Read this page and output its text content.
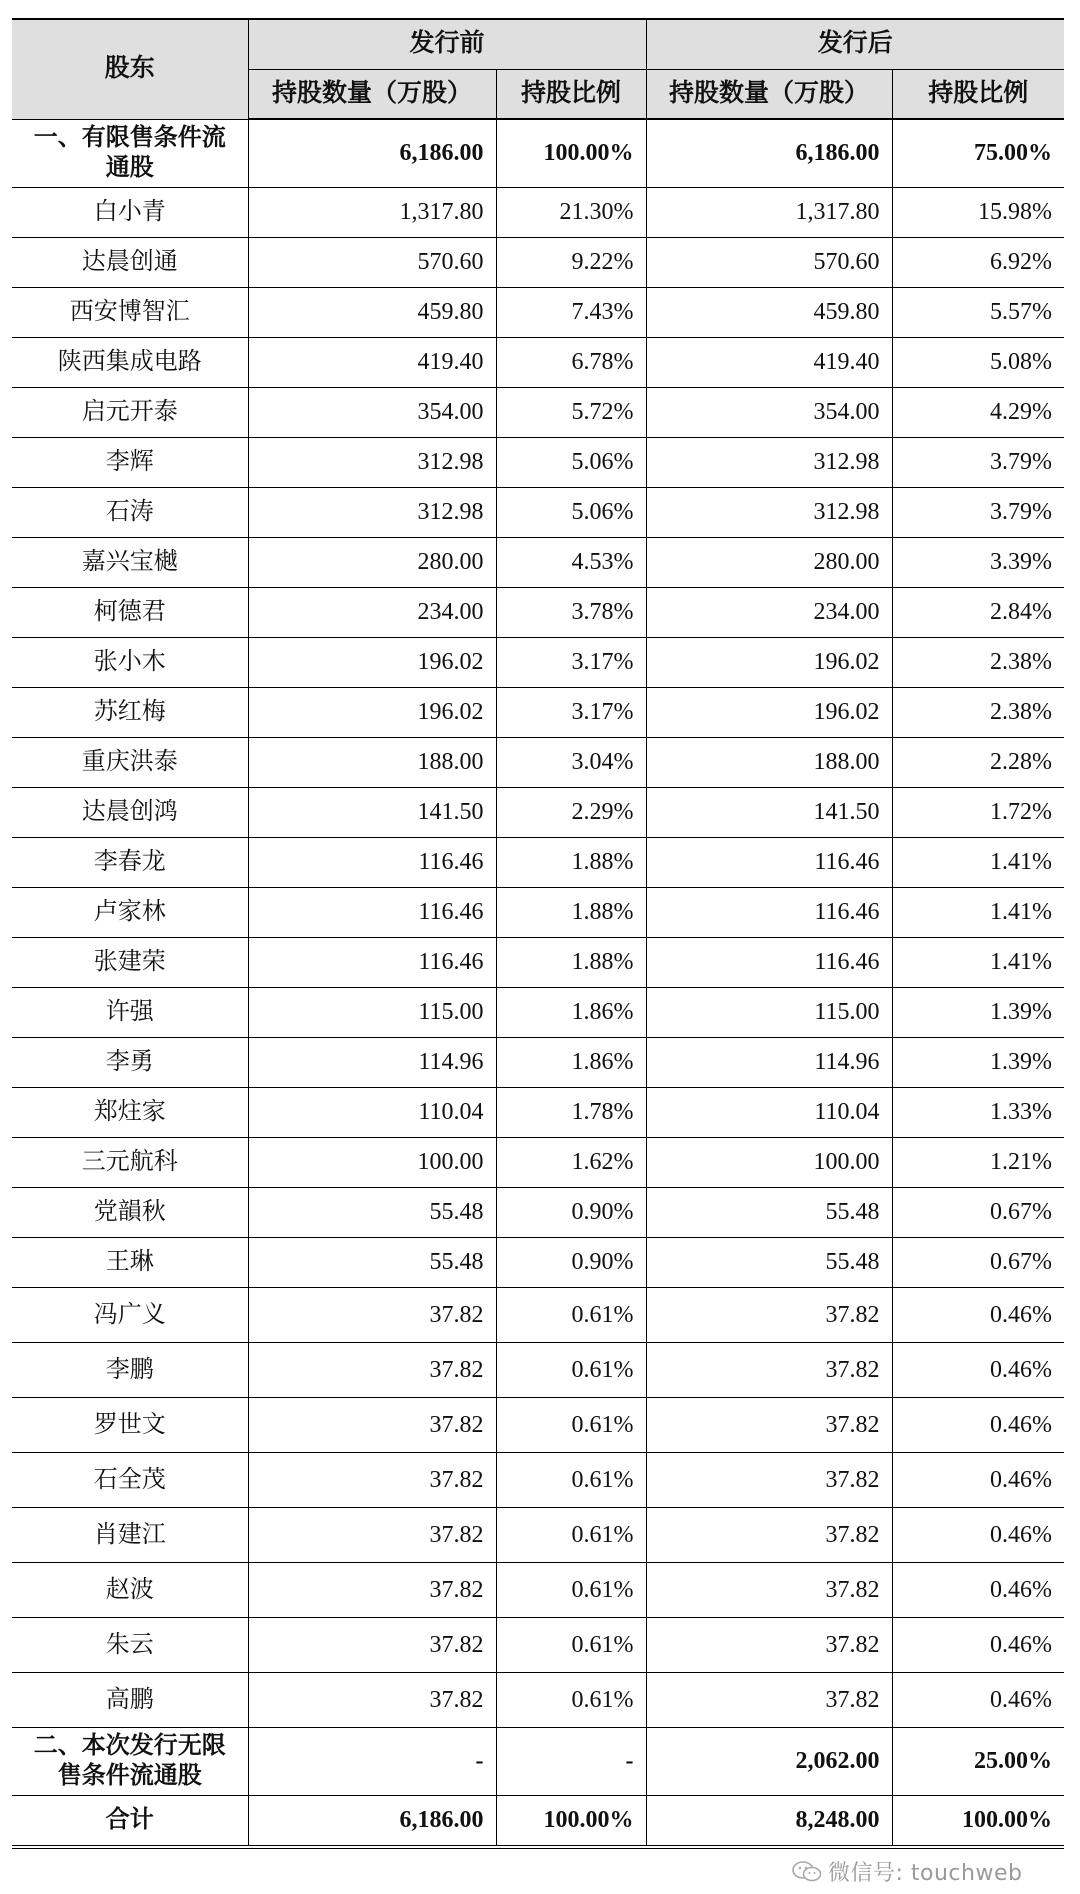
股东	发行前		发行后	
	持股数量（万股）	持股比例	持股数量（万股）	持股比例
一、有限售条件流
通股	6,186.00	100.00%	6,186.00	75.00%
白小青	1,317.80	21.30%	1,317.80	15.98%
达晨创通	570.60	9.22%	570.60	6.92%
西安博智汇	459.80	7.43%	459.80	5.57%
陕西集成电路	419.40	6.78%	419.40	5.08%
启元开泰	354.00	5.72%	354.00	4.29%
李辉	312.98	5.06%	312.98	3.79%
石涛	312.98	5.06%	312.98	3.79%
嘉兴宝樾	280.00	4.53%	280.00	3.39%
柯德君	234.00	3.78%	234.00	2.84%
张小木	196.02	3.17%	196.02	2.38%
苏红梅	196.02	3.17%	196.02	2.38%
重庆洪泰	188.00	3.04%	188.00	2.28%
达晨创鸿	141.50	2.29%	141.50	1.72%
李春龙	116.46	1.88%	116.46	1.41%
卢家林	116.46	1.88%	116.46	1.41%
张建荣	116.46	1.88%	116.46	1.41%
许强	115.00	1.86%	115.00	1.39%
李勇	114.96	1.86%	114.96	1.39%
郑炷家	110.04	1.78%	110.04	1.33%
三元航科	100.00	1.62%	100.00	1.21%
党韻秋	55.48	0.90%	55.48	0.67%
王琳	55.48	0.90%	55.48	0.67%
冯广义	37.82	0.61%	37.82	0.46%
李鹏	37.82	0.61%	37.82	0.46%
罗世文	37.82	0.61%	37.82	0.46%
石全茂	37.82	0.61%	37.82	0.46%
肖建江	37.82	0.61%	37.82	0.46%
赵波	37.82	0.61%	37.82	0.46%
朱云	37.82	0.61%	37.82	0.46%
高鹏	37.82	0.61%	37.82	0.46%
二、本次发行无限
售条件流通股	-	-	2,062.00	25.00%
合计	6,186.00	100.00%	8,248.00	100.00%
微信号: touchweb
